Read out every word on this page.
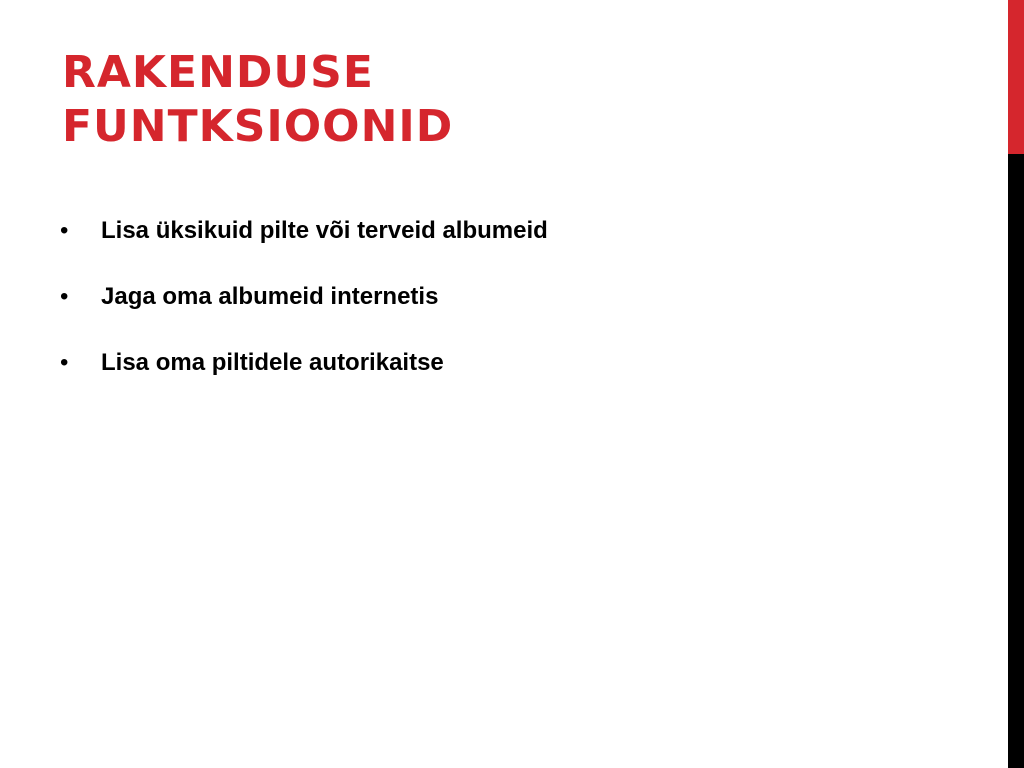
RAKENDUSE
FUNTKSIOONID
• Lisa üksikuid pilte või terveid albumeid
• Jaga oma albumeid internetis
• Lisa oma piltidele autorikaitse
